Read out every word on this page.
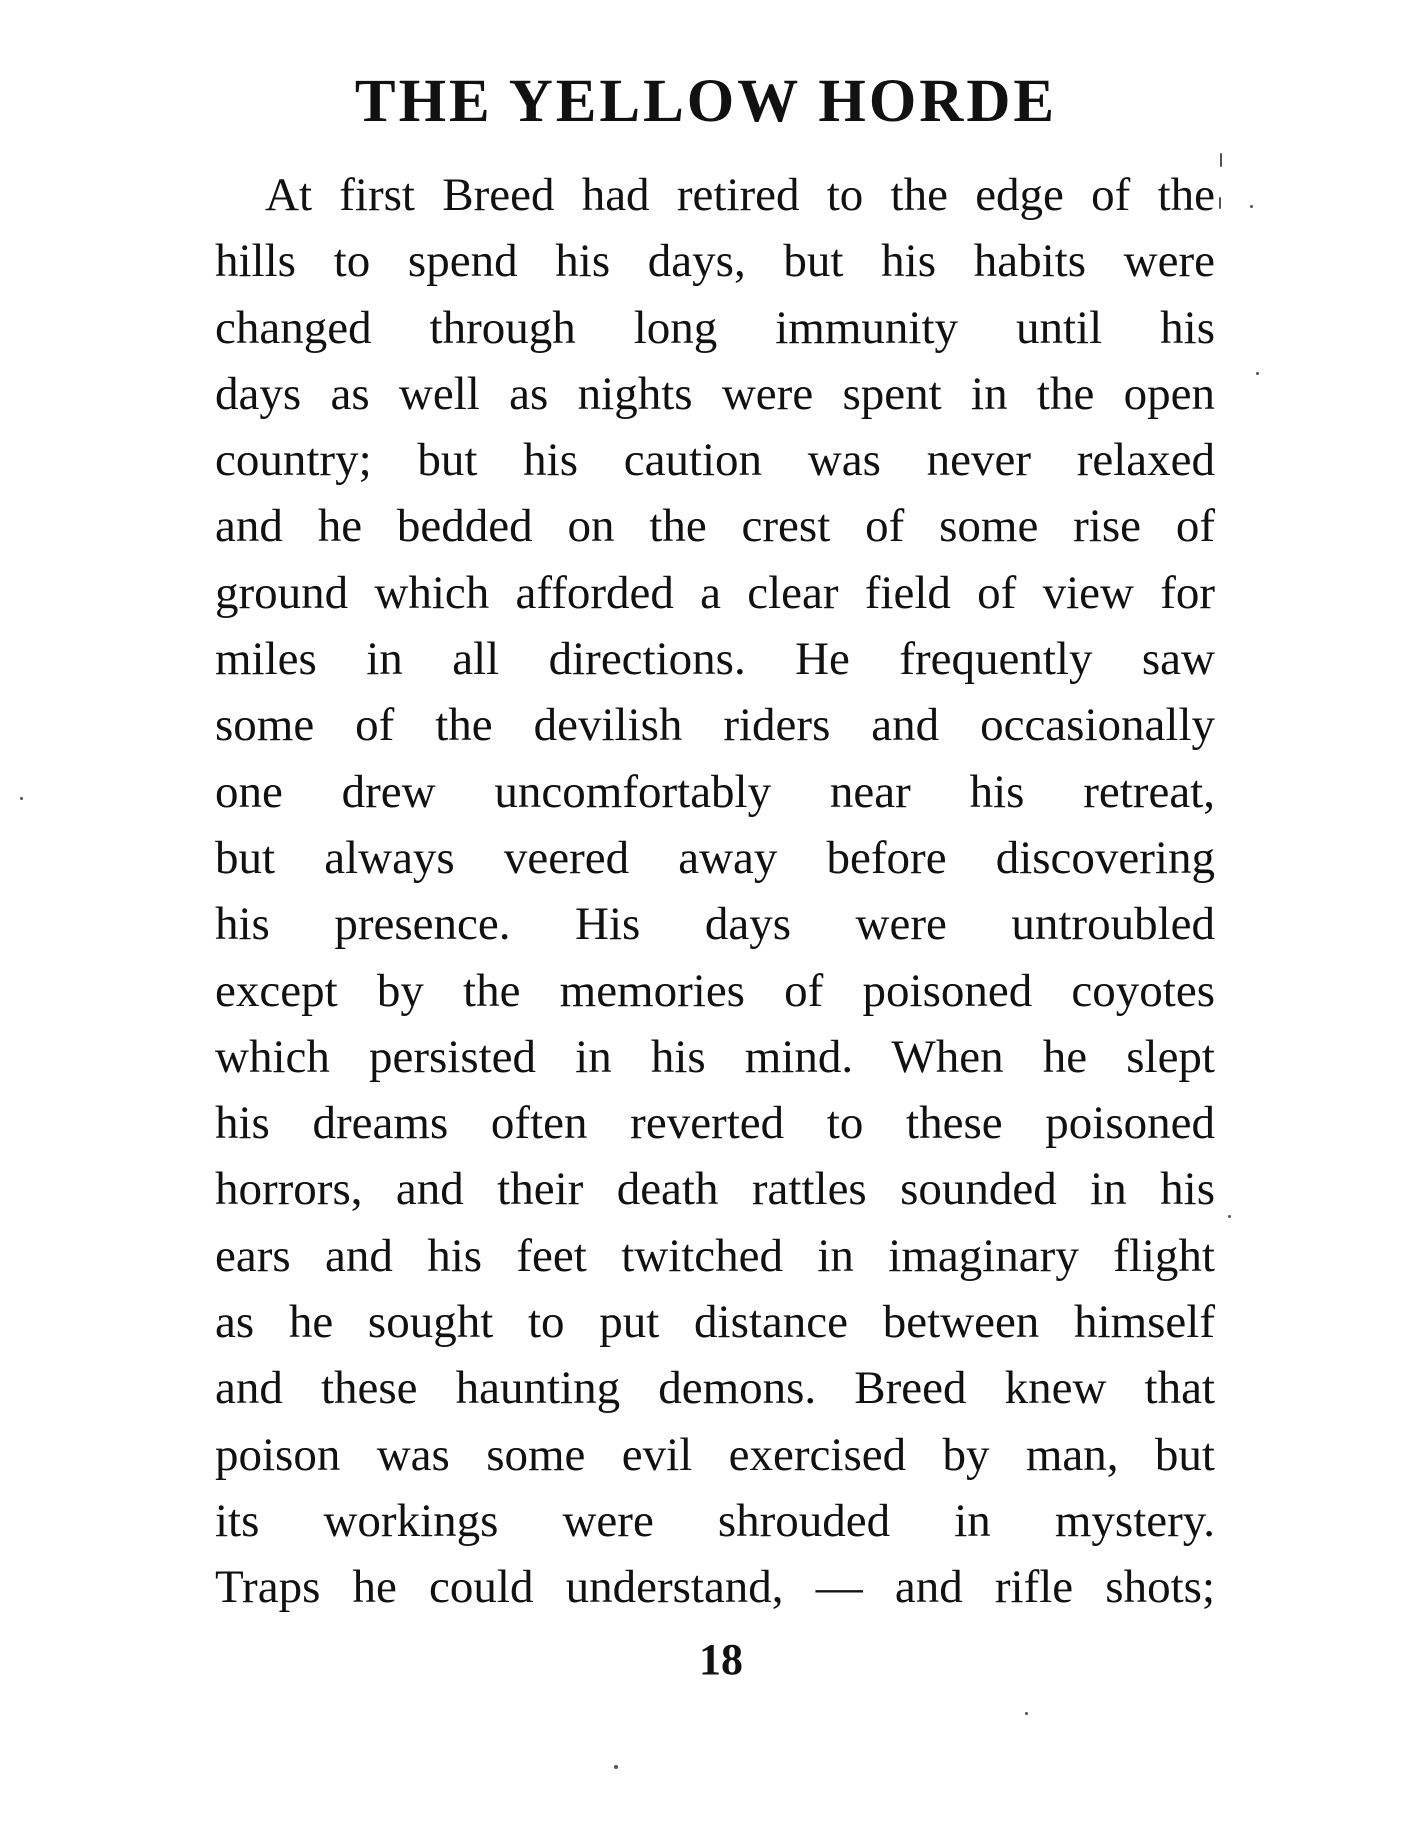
THE YELLOW HORDE
At first Breed had retired to the edge of the
hills to spend his days, but his habits were
changed through long immunity until his
days as well as nights were spent in the open
country; but his caution was never relaxed
and he bedded on the crest of some rise of
ground which afforded a clear field of view for
miles in all directions. He frequently saw
some of the devilish riders and occasionally
one drew uncomfortably near his retreat,
but always veered away before discovering
his presence. His days were untroubled
except by the memories of poisoned coyotes
which persisted in his mind. When he slept
his dreams often reverted to these poisoned
horrors, and their death rattles sounded in his
ears and his feet twitched in imaginary flight
as he sought to put distance between himself
and these haunting demons. Breed knew that
poison was some evil exercised by man, but
its workings were shrouded in mystery.
Traps he could understand, — and rifle shots;
18
